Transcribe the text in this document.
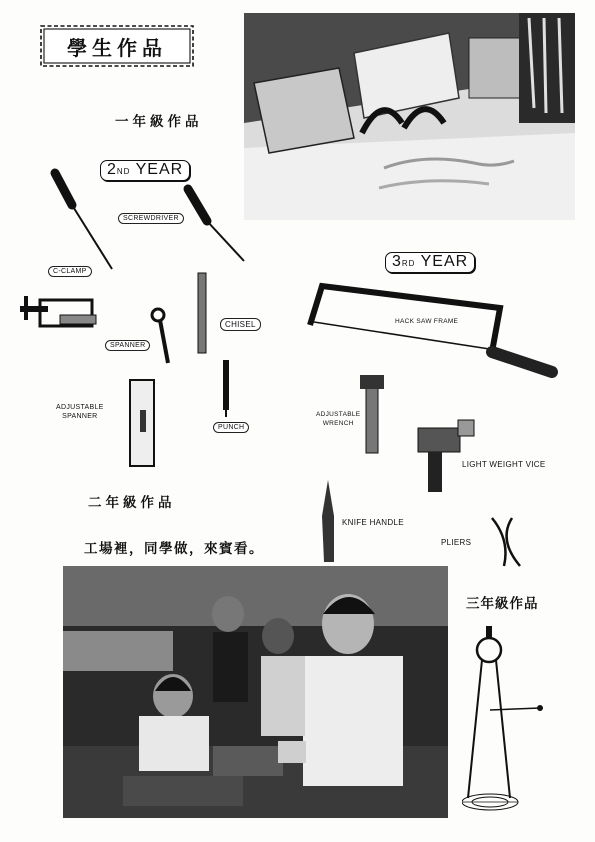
學生作品
一年級作品
二年級作品
三年級作品
2ND YEAR
SCREWDRIVER
C-CLAMP
SPANNER
CHISEL
ADJUSTABLE
SPANNER
PUNCH
3RD YEAR
HACK SAW FRAME
ADJUSTABLE
WRENCH
LIGHT WEIGHT VICE
KNIFE HANDLE
PLIERS
工場裡，同學做，來賓看。
